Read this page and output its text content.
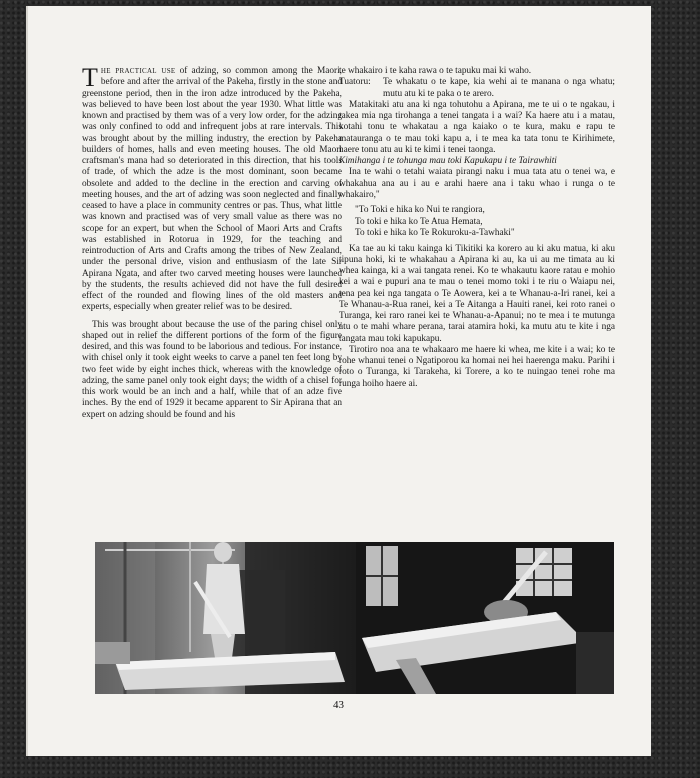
The practical use of adzing, so common among the Maori, before and after the arrival of the Pakeha, firstly in the stone and greenstone period, then in the iron adze introduced by the Pakeha, was believed to have been lost about the year 1930. What little was known and practised by them was of a very low order, for the adzing was only confined to odd and infrequent jobs at rare intervals. This was brought about by the milling industry, the erection by Pakeha builders of homes, halls and even meeting houses. The old Maori craftsman's mana had so deteriorated in this direction, that his tools of trade, of which the adze is the most dominant, soon became obsolete and added to the decline in the erection and carving of meeting houses, and the art of adzing was soon neglected and finally ceased to have a place in community centres or pas. Thus, what little was known and practised was of very small value as there was no scope for an expert, but when the School of Maori Arts and Crafts was established in Rotorua in 1929, for the teaching and reintroduction of Arts and Crafts among the tribes of New Zealand, under the personal drive, vision and enthusiasm of the late Sir Apirana Ngata, and after two carved meeting houses were launched by the students, the results achieved did not have the full desired effect of the rounded and flowing lines of the old masters and experts, especially when greater relief was to be desired.

This was brought about because the use of the paring chisel only shaped out in relief the different portions of the form of the figure desired, and this was found to be laborious and tedious. For instance, with chisel only it took eight weeks to carve a panel ten feet long by two feet wide by eight inches thick, whereas with the knowledge of adzing, the same panel only took eight days; the width of a chisel for this work would be an inch and a half, while that of an adze five inches. By the end of 1929 it became apparent to Sir Apirana that an expert on adzing should be found and his

te whakairo i te kaha rawa o te tapuku mai ki waho.

Tuatoru:	Te whakatu o te kape, kia wehi ai te manana o nga whatu; mutu atu ki te paka o te arero.

Matakitaki atu ana ki nga tohutohu a Apirana, me te ui o te ngakau, i takea mia nga tirohanga a tenei tangata i a wai? Ka haere atu i a matau, kotahi tonu te whakatau a nga kaiako o te kura, maku e rapu te matauranga o te mau toki kapu a, i te mea ka tata tonu te Kirihimete, haere tonu atu au ki te kimi i tenei taonga.

Kimihanga i te tohunga mau toki Kapukapu i te Tairawhiti

Ina te wahi o tetahi waiata pirangi naku i mua tata atu o tenei wa, e whakahua ana au i au e arahi haere ana i taku whao i runga o te whakairo,"

"To Toki e hika ko Nui te rangiora,
To toki e hika ko Te Atua Hemata,
To toki e hika ko Te Rokuroku-a-Tawhaki"

Ka tae au ki taku kainga ki Tikitiki ka korero au ki aku matua, ki aku tipuna hoki, ki te whakahau a Apirana ki au, ka ui au me timata au ki whea kainga, ki a wai tangata renei. Ko te whakautu kaore ratau e mohio kei a wai e pupuri ana te mau o tenei momo toki i te riu o Waiapu nei, tena pea kei nga tangata o Te Aowera, kei a te Whanau-a-Iri ranei, kei a Te Whanau-a-Rua ranei, kei a Te Aitanga a Hauiti ranei, kei roto ranei o Turanga, kei raro ranei kei te Whanau-a-Apanui; no te mea i te mutunga atu o te mahi whare perana, tarai atamira hoki, ka mutu atu te kite i nga tangata mau toki kapukapu.

Tirotiro noa ana te whakaaro me haere ki whea, me kite i a wai; ko te rohe whanui tenei o Ngatiporou ka homai nei hei haerenga maku. Parihi i roto o Turanga, ki Tarakeha, ki Torere, a ko te nuingao tenei rohe ma runga hoiho haere ai.

43
